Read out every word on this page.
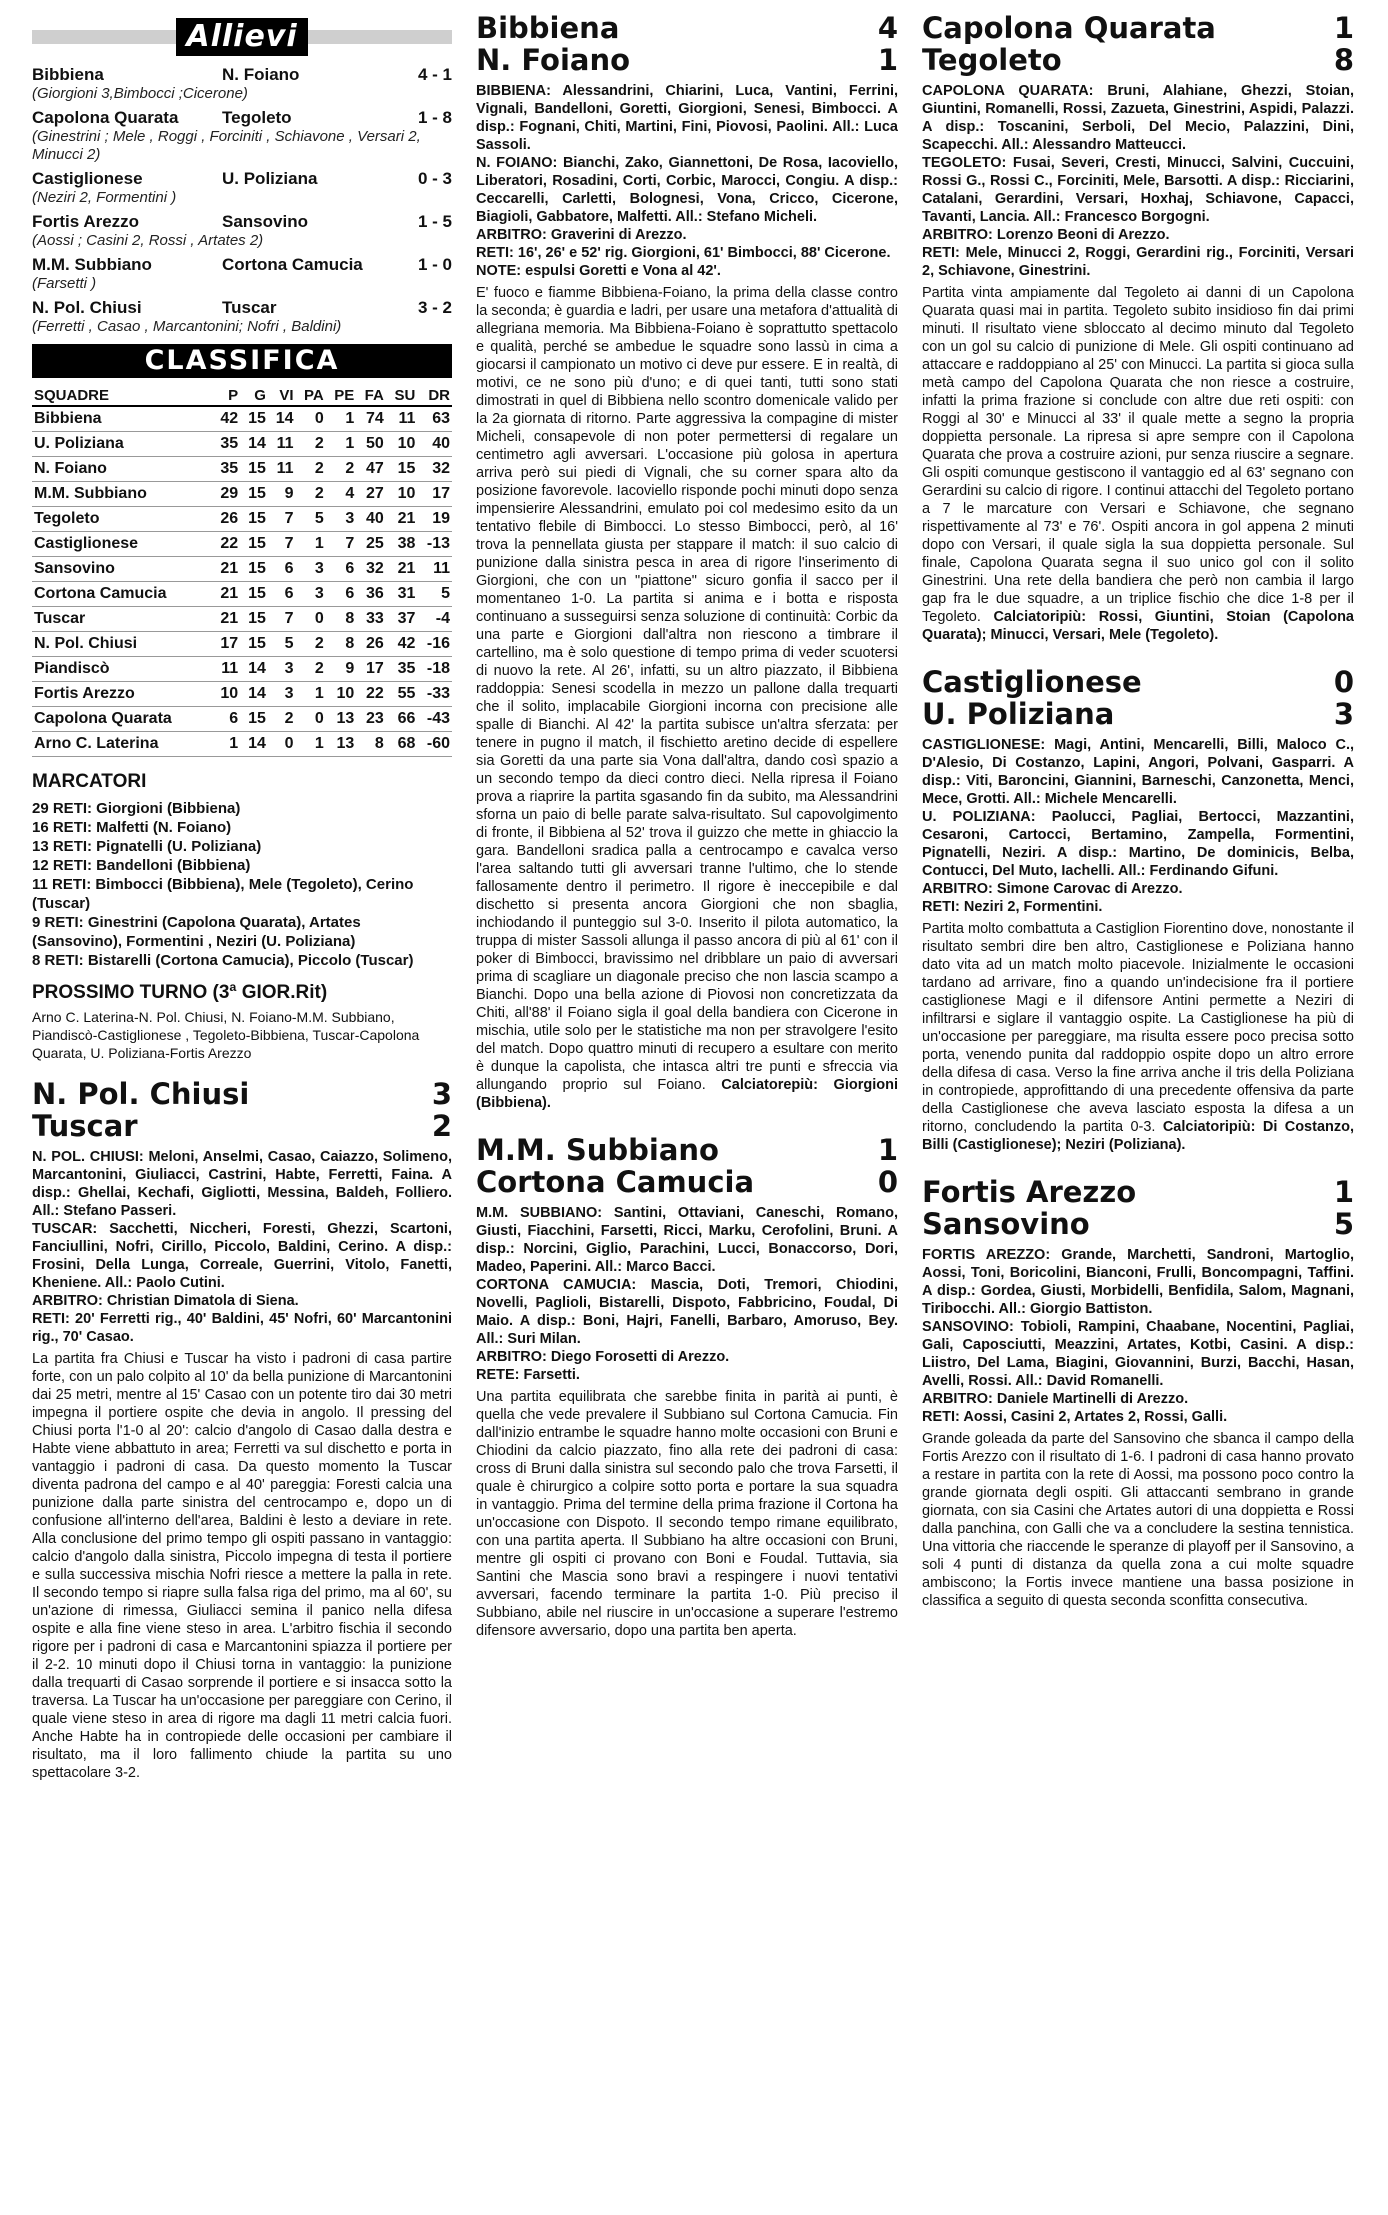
Allievi
Bibbiena	N. Foiano	4 - 1
(Giorgioni 3,Bimbocci ;Cicerone)
Capolona Quarata	Tegoleto	1 - 8
(Ginestrini ; Mele , Roggi , Forciniti , Schiavone , Versari 2, Minucci 2)
Castiglionese	U. Poliziana	0 - 3
(Neziri 2, Formentini )
Fortis Arezzo	Sansovino	1 - 5
(Aossi ; Casini 2, Rossi , Artates 2)
M.M. Subbiano	Cortona Camucia	1 - 0
(Farsetti )
N. Pol. Chiusi	Tuscar	3 - 2
(Ferretti , Casao , Marcantonini; Nofri , Baldini)
CLASSIFICA
SQUADRE	P	G	VI	PA	PE	FA	SU	DR
Bibbiena	42	15	14	0	1	74	11	63
U. Poliziana	35	14	11	2	1	50	10	40
N. Foiano	35	15	11	2	2	47	15	32
M.M. Subbiano	29	15	9	2	4	27	10	17
Tegoleto	26	15	7	5	3	40	21	19
Castiglionese	22	15	7	1	7	25	38	-13
Sansovino	21	15	6	3	6	32	21	11
Cortona Camucia	21	15	6	3	6	36	31	5
Tuscar	21	15	7	0	8	33	37	-4
N. Pol. Chiusi	17	15	5	2	8	26	42	-16
Piandiscò	11	14	3	2	9	17	35	-18
Fortis Arezzo	10	14	3	1	10	22	55	-33
Capolona Quarata	6	15	2	0	13	23	66	-43
Arno C. Laterina	1	14	0	1	13	8	68	-60
MARCATORI
29 RETI: Giorgioni (Bibbiena)
16 RETI: Malfetti (N. Foiano)
13 RETI: Pignatelli (U. Poliziana)
12 RETI: Bandelloni (Bibbiena)
11 RETI: Bimbocci (Bibbiena), Mele (Tegoleto), Cerino (Tuscar)
9 RETI: Ginestrini (Capolona Quarata), Artates (Sansovino), Formentini , Neziri (U. Poliziana)
8 RETI: Bistarelli (Cortona Camucia), Piccolo (Tuscar)
PROSSIMO TURNO (3ª GIOR.Rit)
Arno C. Laterina-N. Pol. Chiusi, N. Foiano-M.M. Subbiano, Piandiscò-Castiglionese , Tegoleto-Bibbiena, Tuscar-Capolona Quarata, U. Poliziana-Fortis Arezzo
N. Pol. Chiusi	3
Tuscar	2

N. POL. CHIUSI: Meloni, Anselmi, Casao, Caiazzo, Solimeno, Marcantonini, Giuliacci, Castrini, Habte, Ferretti, Faina. A disp.: Ghellai, Kechafi, Gigliotti, Messina, Baldeh, Follierо. All.: Stefano Passeri.

TUSCAR: Sacchetti, Niccheri, Foresti, Ghezzi, Scartoni, Fanciullini, Nofri, Cirillo, Piccolo, Baldini, Cerino. A disp.: Frosini, Della Lunga, Correale, Guerrini, Vitolo, Fanetti, Kheniene. All.: Paolo Cutini.

ARBITRO: Christian Dimatola di Siena.

RETI: 20' Ferretti rig., 40' Baldini, 45' Nofri, 60' Marcantonini rig., 70' Casao.

La partita fra Chiusi e Tuscar ha visto i padroni di casa partire forte, con un palo colpito al 10' da bella punizione di Marcantonini dai 25 metri, mentre al 15' Casao con un potente tiro dai 30 metri impegna il portiere ospite che devia in angolo. Il pressing del Chiusi porta l'1-0 al 20': calcio d'angolo di Casao dalla destra e Habte viene abbattuto in area; Ferretti va sul dischetto e porta in vantaggio i padroni di casa. Da questo momento la Tuscar diventa padrona del campo e al 40' pareggia: Foresti calcia una punizione dalla parte sinistra del centrocampo e, dopo un di confusione all'interno dell'area, Baldini è lesto a deviare in rete. Alla conclusione del primo tempo gli ospiti passano in vantaggio: calcio d'angolo dalla sinistra, Piccolo impegna di testa il portiere e sulla successiva mischia Nofri riesce a mettere la palla in rete. Il secondo tempo si riapre sulla falsa riga del primo, ma al 60', su un'azione di rimessa, Giuliacci semina il panico nella difesa ospite e alla fine viene steso in area. L'arbitro fischia il secondo rigore per i padroni di casa e Marcantonini spiazza il portiere per il 2-2. 10 minuti dopo il Chiusi torna in vantaggio: la punizione dalla trequarti di Casao sorprende il portiere e si insacca sotto la traversa. La Tuscar ha un'occasione per pareggiare con Cerino, il quale viene steso in area di rigore ma dagli 11 metri calcia fuori. Anche Habte ha in contropiede delle occasioni per cambiare il risultato, ma il loro fallimento chiude la partita su uno spettacolare 3-2.
Bibbiena	4
N. Foiano	1

BIBBIENA: Alessandrini, Chiarini, Luca, Vantini, Ferrini, Vignali, Bandelloni, Goretti, Giorgioni, Senesi, Bimbocci. A disp.: Fognani, Chiti, Martini, Fini, Piovosi, Paolini. All.: Luca Sassoli.

N. FOIANO: Bianchi, Zako, Giannettoni, De Rosa, Iacoviello, Liberatori, Rosadini, Corti, Corbic, Marocci, Congiu. A disp.: Ceccarelli, Carletti, Bolognesi, Vona, Cricco, Cicerone, Biagioli, Gabbatore, Malfetti. All.: Stefano Micheli.

ARBITRO: Graverini di Arezzo.

RETI: 16', 26' e 52' rig. Giorgioni, 61' Bimbocci, 88' Cicerone.

NOTE: espulsi Goretti e Vona al 42'.

E' fuoco e fiamme Bibbiena-Foiano, la prima della classe contro la seconda; è guardia e ladri, per usare una metafora d'attualità di allegriana memoria. Ma Bibbiena-Foiano è soprattutto spettacolo e qualità, perché se ambedue le squadre sono lassù in cima a giocarsi il campionato un motivo ci deve pur essere. E in realtà, di motivi, ce ne sono più d'uno; e di quei tanti, tutti sono stati dimostrati in quel di Bibbiena nello scontro domenicale valido per la 2a giornata di ritorno. Parte aggressiva la compagine di mister Micheli, consapevole di non poter permettersi di regalare un centimetro agli avversari. L'occasione più golosa in apertura arriva però sui piedi di Vignali, che su corner spara alto da posizione favorevole. Iacoviello risponde pochi minuti dopo senza impensierire Alessandrini, emulato poi col medesimo esito da un tentativo flebile di Bimbocci. Lo stesso Bimbocci, però, al 16' trova la pennellata giusta per stappare il match: il suo calcio di punizione dalla sinistra pesca in area di rigore l'inserimento di Giorgioni, che con un "piattone" sicuro gonfia il sacco per il momentaneo 1-0. La partita si anima e i botta e risposta continuano a susseguirsi senza soluzione di continuità: Corbic da una parte e Giorgioni dall'altra non riescono a timbrare il cartellino, ma è solo questione di tempo prima di veder scuotersi di nuovo la rete. Al 26', infatti, su un altro piazzato, il Bibbiena raddoppia: Senesi scodella in mezzo un pallone dalla trequarti che il solito, implacabile Giorgioni incorna con precisione alle spalle di Bianchi. Al 42' la partita subisce un'altra sferzata: per tenere in pugno il match, il fischietto aretino decide di espellere sia Goretti da una parte sia Vona dall'altra, dando così spazio a un secondo tempo da dieci contro dieci. Nella ripresa il Foiano prova a riaprire la partita sgasando fin da subito, ma Alessandrini sforna un paio di belle parate salva-risultato. Sul capovolgimento di fronte, il Bibbiena al 52' trova il guizzo che mette in ghiaccio la gara. Bandelloni sradica palla a centrocampo e cavalca verso l'area saltando tutti gli avversari tranne l'ultimo, che lo stende fallosamente dentro il perimetro. Il rigore è ineccepibile e dal dischetto si presenta ancora Giorgioni che non sbaglia, inchiodando il punteggio sul 3-0. Inserito il pilota automatico, la truppa di mister Sassoli allunga il passo ancora di più al 61' con il poker di Bimbocci, bravissimo nel dribblare un paio di avversari prima di scagliare un diagonale preciso che non lascia scampo a Bianchi. Dopo una bella azione di Piovosi non concretizzata da Chiti, all'88' il Foiano sigla il goal della bandiera con Cicerone in mischia, utile solo per le statistiche ma non per stravolgere l'esito del match. Dopo quattro minuti di recupero a esultare con merito è dunque la capolista, che intasca altri tre punti e sfreccia via allungando proprio sul Foiano. Calciatorepiù: Giorgioni (Bibbiena).
M.M. Subbiano	1
Cortona Camucia	0

M.M. SUBBIANO: Santini, Ottaviani, Caneschi, Romano, Giusti, Fiacchini, Farsetti, Ricci, Marku, Cerofolini, Bruni. A disp.: Norcini, Giglio, Parachini, Lucci, Bonaccorso, Dori, Madeo, Paperini. All.: Marco Bacci.

CORTONA CAMUCIA: Mascia, Doti, Tremori, Chiodini, Novelli, Paglioli, Bistarelli, Dispoto, Fabbricino, Foudal, Di Maio. A disp.: Boni, Hajri, Fanelli, Barbaro, Amoruso, Bey. All.: Suri Milan.

ARBITRO: Diego Forosetti di Arezzo.

RETE: Farsetti.

Una partita equilibrata che sarebbe finita in parità ai punti, è quella che vede prevalere il Subbiano sul Cortona Camucia. Fin dall'inizio entrambe le squadre hanno molte occasioni con Bruni e Chiodini da calcio piazzato, fino alla rete dei padroni di casa: cross di Bruni dalla sinistra sul secondo palo che trova Farsetti, il quale è chirurgico a colpire sotto porta e portare la sua squadra in vantaggio. Prima del termine della prima frazione il Cortona ha un'occasione con Dispoto. Il secondo tempo rimane equilibrato, con una partita aperta. Il Subbiano ha altre occasioni con Bruni, mentre gli ospiti ci provano con Boni e Foudal. Tuttavia, sia Santini che Mascia sono bravi a respingere i nuovi tentativi avversari, facendo terminare la partita 1-0. Più preciso il Subbiano, abile nel riuscire in un'occasione a superare l'estremo difensore avversario, dopo una partita ben aperta.
Capolona Quarata	1
Tegoleto	8

CAPOLONA QUARATA: Bruni, Alahiane, Ghezzi, Stoian, Giuntini, Romanelli, Rossi, Zazueta, Ginestrini, Aspidi, Palazzi. A disp.: Toscanini, Serboli, Del Mecio, Palazzini, Dini, Scapecchi. All.: Alessandro Matteucci.

TEGOLETO: Fusai, Severi, Cresti, Minucci, Salvini, Cuccuini, Rossi G., Rossi C., Forciniti, Mele, Barsotti. A disp.: Ricciarini, Catalani, Gerardini, Versari, Hoxhaj, Schiavone, Capacci, Tavanti, Lancia. All.: Francesco Borgogni.

ARBITRO: Lorenzo Beoni di Arezzo.

RETI: Mele, Minucci 2, Roggi, Gerardini rig., Forciniti, Versari 2, Schiavone, Ginestrini.

Partita vinta ampiamente dal Tegoleto ai danni di un Capolona Quarata quasi mai in partita. Tegoleto subito insidioso fin dai primi minuti. Il risultato viene sbloccato al decimo minuto dal Tegoleto con un gol su calcio di punizione di Mele. Gli ospiti continuano ad attaccare e raddoppiano al 25' con Minucci. La partita si gioca sulla metà campo del Capolona Quarata che non riesce a costruire, infatti la prima frazione si conclude con altre due reti ospiti: con Roggi al 30' e Minucci al 33' il quale mette a segno la propria doppietta personale. La ripresa si apre sempre con il Capolona Quarata che prova a costruire azioni, pur senza riuscire a segnare. Gli ospiti comunque gestiscono il vantaggio ed al 63' segnano con Gerardini su calcio di rigore. I continui attacchi del Tegoleto portano a 7 le marcature con Versari e Schiavone, che segnano rispettivamente al 73' e 76'. Ospiti ancora in gol appena 2 minuti dopo con Versari, il quale sigla la sua doppietta personale. Sul finale, Capolona Quarata segna il suo unico gol con il solito Ginestrini. Una rete della bandiera che però non cambia il largo gap fra le due squadre, a un triplice fischio che dice 1-8 per il Tegoleto. Calciatoripiù: Rossi, Giuntini, Stoian (Capolona Quarata); Minucci, Versari, Mele (Tegoleto).
Castiglionese	0
U. Poliziana	3

CASTIGLIONESE: Magi, Antini, Mencarelli, Billi, Maloco C., D'Alesio, Di Costanzo, Lapini, Angori, Polvani, Gasparri. A disp.: Viti, Baroncini, Giannini, Barneschi, Canzonetta, Menci, Mece, Grotti. All.: Michele Mencarelli.

U. POLIZIANA: Paolucci, Pagliai, Bertocci, Mazzantini, Cesaroni, Cartocci, Bertamino, Zampella, Formentini, Pignatelli, Neziri. A disp.: Martino, De dominicis, Belba, Contucci, Del Muto, Iachelli. All.: Ferdinando Gifuni.

ARBITRO: Simone Carovac di Arezzo.

RETI: Neziri 2, Formentini.

Partita molto combattuta a Castiglion Fiorentino dove, nonostante il risultato sembri dire ben altro, Castiglionese e Poliziana hanno dato vita ad un match molto piacevole. Inizialmente le occasioni tardano ad arrivare, fino a quando un'indecisione fra il portiere castiglionese Magi e il difensore Antini permette a Neziri di infiltrarsi e siglare il vantaggio ospite. La Castiglionese ha più di un'occasione per pareggiare, ma risulta essere poco precisa sotto porta, venendo punita dal raddoppio ospite dopo un altro errore della difesa di casa. Verso la fine arriva anche il tris della Poliziana in contropiede, approfittando di una precedente offensiva da parte della Castiglionese che aveva lasciato esposta la difesa a un ritorno, concludendo la partita 0-3. Calciatoripiù: Di Costanzo, Billi (Castiglionese); Neziri (Poliziana).
Fortis Arezzo	1
Sansovino	5

FORTIS AREZZO: Grande, Marchetti, Sandroni, Martoglio, Aossi, Toni, Boricolini, Bianconi, Frulli, Boncompagni, Taffini. A disp.: Gordea, Giusti, Morbidelli, Benfidila, Salom, Magnani, Tiribocchi. All.: Giorgio Battiston.

SANSOVINO: Tobioli, Rampini, Chaabane, Nocentini, Pagliai, Gali, Caposciutti, Meazzini, Artates, Kotbi, Casini. A disp.: Liistro, Del Lama, Biagini, Giovannini, Burzi, Bacchi, Hasan, Avelli, Rossi. All.: David Romanelli.

ARBITRO: Daniele Martinelli di Arezzo.

RETI: Aossi, Casini 2, Artates 2, Rossi, Galli.

Grande goleada da parte del Sansovino che sbanca il campo della Fortis Arezzo con il risultato di 1-6. I padroni di casa hanno provato a restare in partita con la rete di Aossi, ma possono poco contro la grande giornata degli ospiti. Gli attaccanti sembrano in grande giornata, con sia Casini che Artates autori di una doppietta e Rossi dalla panchina, con Galli che va a concludere la sestina tennistica. Una vittoria che riaccende le speranze di playoff per il Sansovino, a soli 4 punti di distanza da quella zona a cui molte squadre ambiscono; la Fortis invece mantiene una bassa posizione in classifica a seguito di questa seconda sconfitta consecutiva.
